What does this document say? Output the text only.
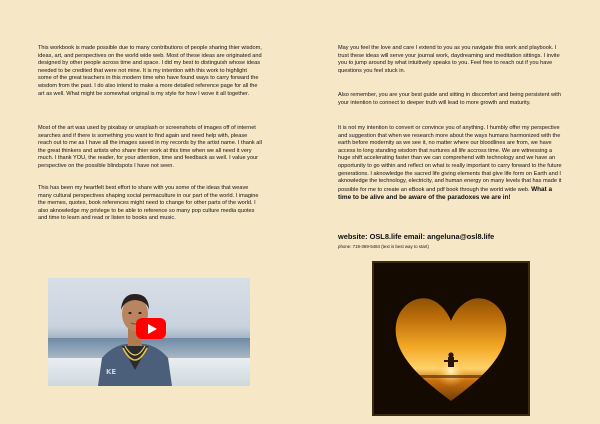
This workbook is made possible due to many contributions of people sharing thier wisdom, ideas, art, and perspectives on the world wide web. Most of these ideas are originated and designed by other people across time and space. I did my best to distinguish whose ideas needed to be credited that were not mine. It is my intention with this work to highlight some of the great teachers in this modern time who have found ways to carry forward the wisdom from the past. I do also intend to make a more detailed reference page for all the art as well. What might be somewhat original is my style for how I wove it all together.

Most of the art was used by pixabay or unsplash or screenshots of images off of internet searches and if there is something you want to find again and need help with, please reach out to me as I have all the images saved in my records by the artist name. I thank all the great thinkers and artists who share thier work at this time when we all need it very much. I thank YOU, the reader, for your attention, time and feedback as well. I value your perspective on the possible blindspots I have not seen.

This has been my heartfelt best effort to share with you some of the ideas that weave many cultural perspectives shaping social permaculture in our part of the world. I imagine the memes, quotes, book references might need to change for other parts of the world. I also aknowledge my privlege to be able to reference so many pop culture media quotes and time to learn and read or listen to books and music.

KE

May you feel the love and care I extend to you as you navigate this work and playbook. I trust these ideas will serve your journal work, daydreaming and meditation sittings. I invite you to jump around by what intuitively speaks to you. Feel free to reach out if you have questions you feel stuck in.

Also remember, you are your best guide and sitting in discomfort and being persistent with your intention to connect to deeper truth will lead to more growth and maturity.

It is not my intention to convert or convince you of anything. I humbly offer my perspective and suggestion that when we research more about the ways humans harmonized with the earth before modernity as we see it, no matter where our bloodlines are from, we have access to long standing wisdom that nurtures all life accross time. We are witnessing a huge shift accelerating faster than we can comprehend with technology and we have an opportunity to go within and reflect on what is really important to carry forward to the future generations. I aknowledge the sacred life giving elements that give life form on Earth and I aknowledge the technology, electricity, and human energy on many levels that has made it possible for me to create an eBook and pdf book through the world wide web. What a time to be alive and be aware of the paradoxes we are in!

website: OSL8.life email: angeluna@osl8.life

phone: 719-369-5484 (text is best way to start)
